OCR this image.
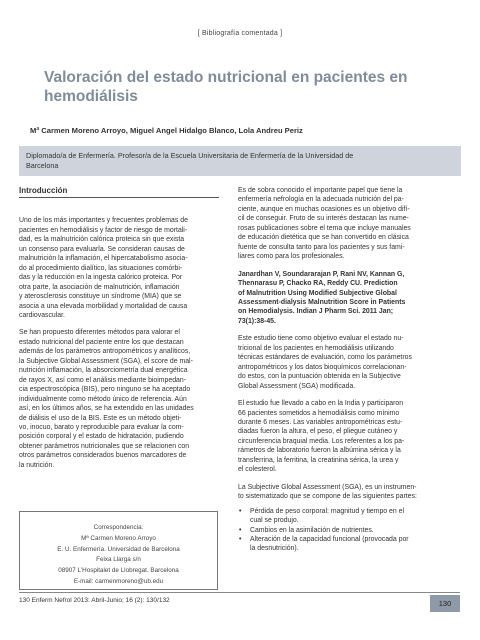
[ Bibliografía comentada ]
Valoración del estado nutricional en pacientes en hemodiálisis
Mª Carmen Moreno Arroyo, Miguel Angel Hidalgo Blanco, Lola Andreu Periz
Diplomado/a de Enfermería. Profesor/a de la Escuela Universitaria de Enfermería de la Universidad de
Barcelona
Introducción

Uno de los más importantes y frecuentes problemas de
pacientes en hemodiálisis y factor de riesgo de mortali-
dad, es la malnutrición calórica proteica sin que exista
un consenso para evaluarla. Se consideran causas de
malnutrición la inflamación, el hipercatabolismo asocia-
do al procedimiento dialítico, las situaciones comórbi-
das y la reducción en la ingesta calórico proteica. Por
otra parte, la asociación de malnutrición, inflamación
y aterosclerosis constituye un síndrome (MIA) que se
asocia a una elevada morbilidad y mortalidad de causa
cardiovascular.

Se han propuesto diferentes métodos para valorar el
estado nutricional del paciente entre los que destacan
además de los parámetros antropométricos y analíticos,
la Subjective Global Assessment (SGA), el score de mal-
nutrición inflamación, la absorciometría dual energética
de rayos X, así como el análisis mediante bioimpedan-
cia espectroscópica (BIS), pero ninguno se ha aceptado
individualmente como método único de referencia. Aún
así, en los últimos años, se ha extendido en las unidades
de diálisis el uso de la BIS. Este es un método objeti-
vo, inocuo, barato y reproducible para evaluar la com-
posición corporal y el estado de hidratación, pudiendo
obtener parámetros nutricionales que se relacionen con
otros parámetros considerados buenos marcadores de
la nutrición.

Correspondencia:
Mª Carmen Moreno Arroyo
E. U. Enfermería. Universidad de Barcelona
Feixa Llarga s/n
08907 L'Hospitalet de Llobregat. Barcelona
E-mail: carmenmoreno@ub.edu

Es de sobra conocido el importante papel que tiene la
enfermería nefrología en la adecuada nutrición del pa-
ciente, aunque en muchas ocasiones es un objetivo difí-
cil de conseguir. Fruto de su interés destacan las nume-
rosas publicaciones sobre el tema que incluye manuales
de educación dietética que se han convertido en clásica
fuente de consulta tanto para los pacientes y sus fami-
liares como para los profesionales.

Janardhan V, Soundararajan P, Rani NV, Kannan G,
Thennarasu P, Chacko RA, Reddy CU. Prediction
of Malnutrition Using Modified Subjective Global
Assessment-dialysis Malnutrition Score in Patients
on Hemodialysis. Indian J Pharm Sci. 2011 Jan;
73(1):38-45.

Este estudio tiene como objetivo evaluar el estado nu-
tricional de los pacientes en hemodiálisis utilizando
técnicas estándares de evaluación, como los parámetros
antropométricos y los datos bioquímicos correlacionan-
do estos, con la puntuación obtenida en la Subjective
Global Assessment (SGA) modificada.

El estudio fue llevado a cabo en la India y participaron
66 pacientes sometidos a hemodiálisis como mínimo
durante 6 meses. Las variables antropométricas estu-
diadas fueron la altura, el peso, el pliegue cutáneo y
circunferencia braquial media. Los referentes a los pa-
rámetros de laboratorio fueron la albúmina sérica y la
transferrina, la ferritina, la creatinina sérica, la urea y
el colesterol.

La Subjective Global Assessment (SGA), es un instrumen-
to sistematizado que se compone de las siguientes partes:

• Pérdida de peso corporal: magnitud y tiempo en el
cual se produjo.
• Cambios en la asimilación de nutrientes.
• Alteración de la capacidad funcional (provocada por
la desnutrición).
130 Enferm Nefrol 2013: Abril-Junio; 16 (2): 130/132	130
